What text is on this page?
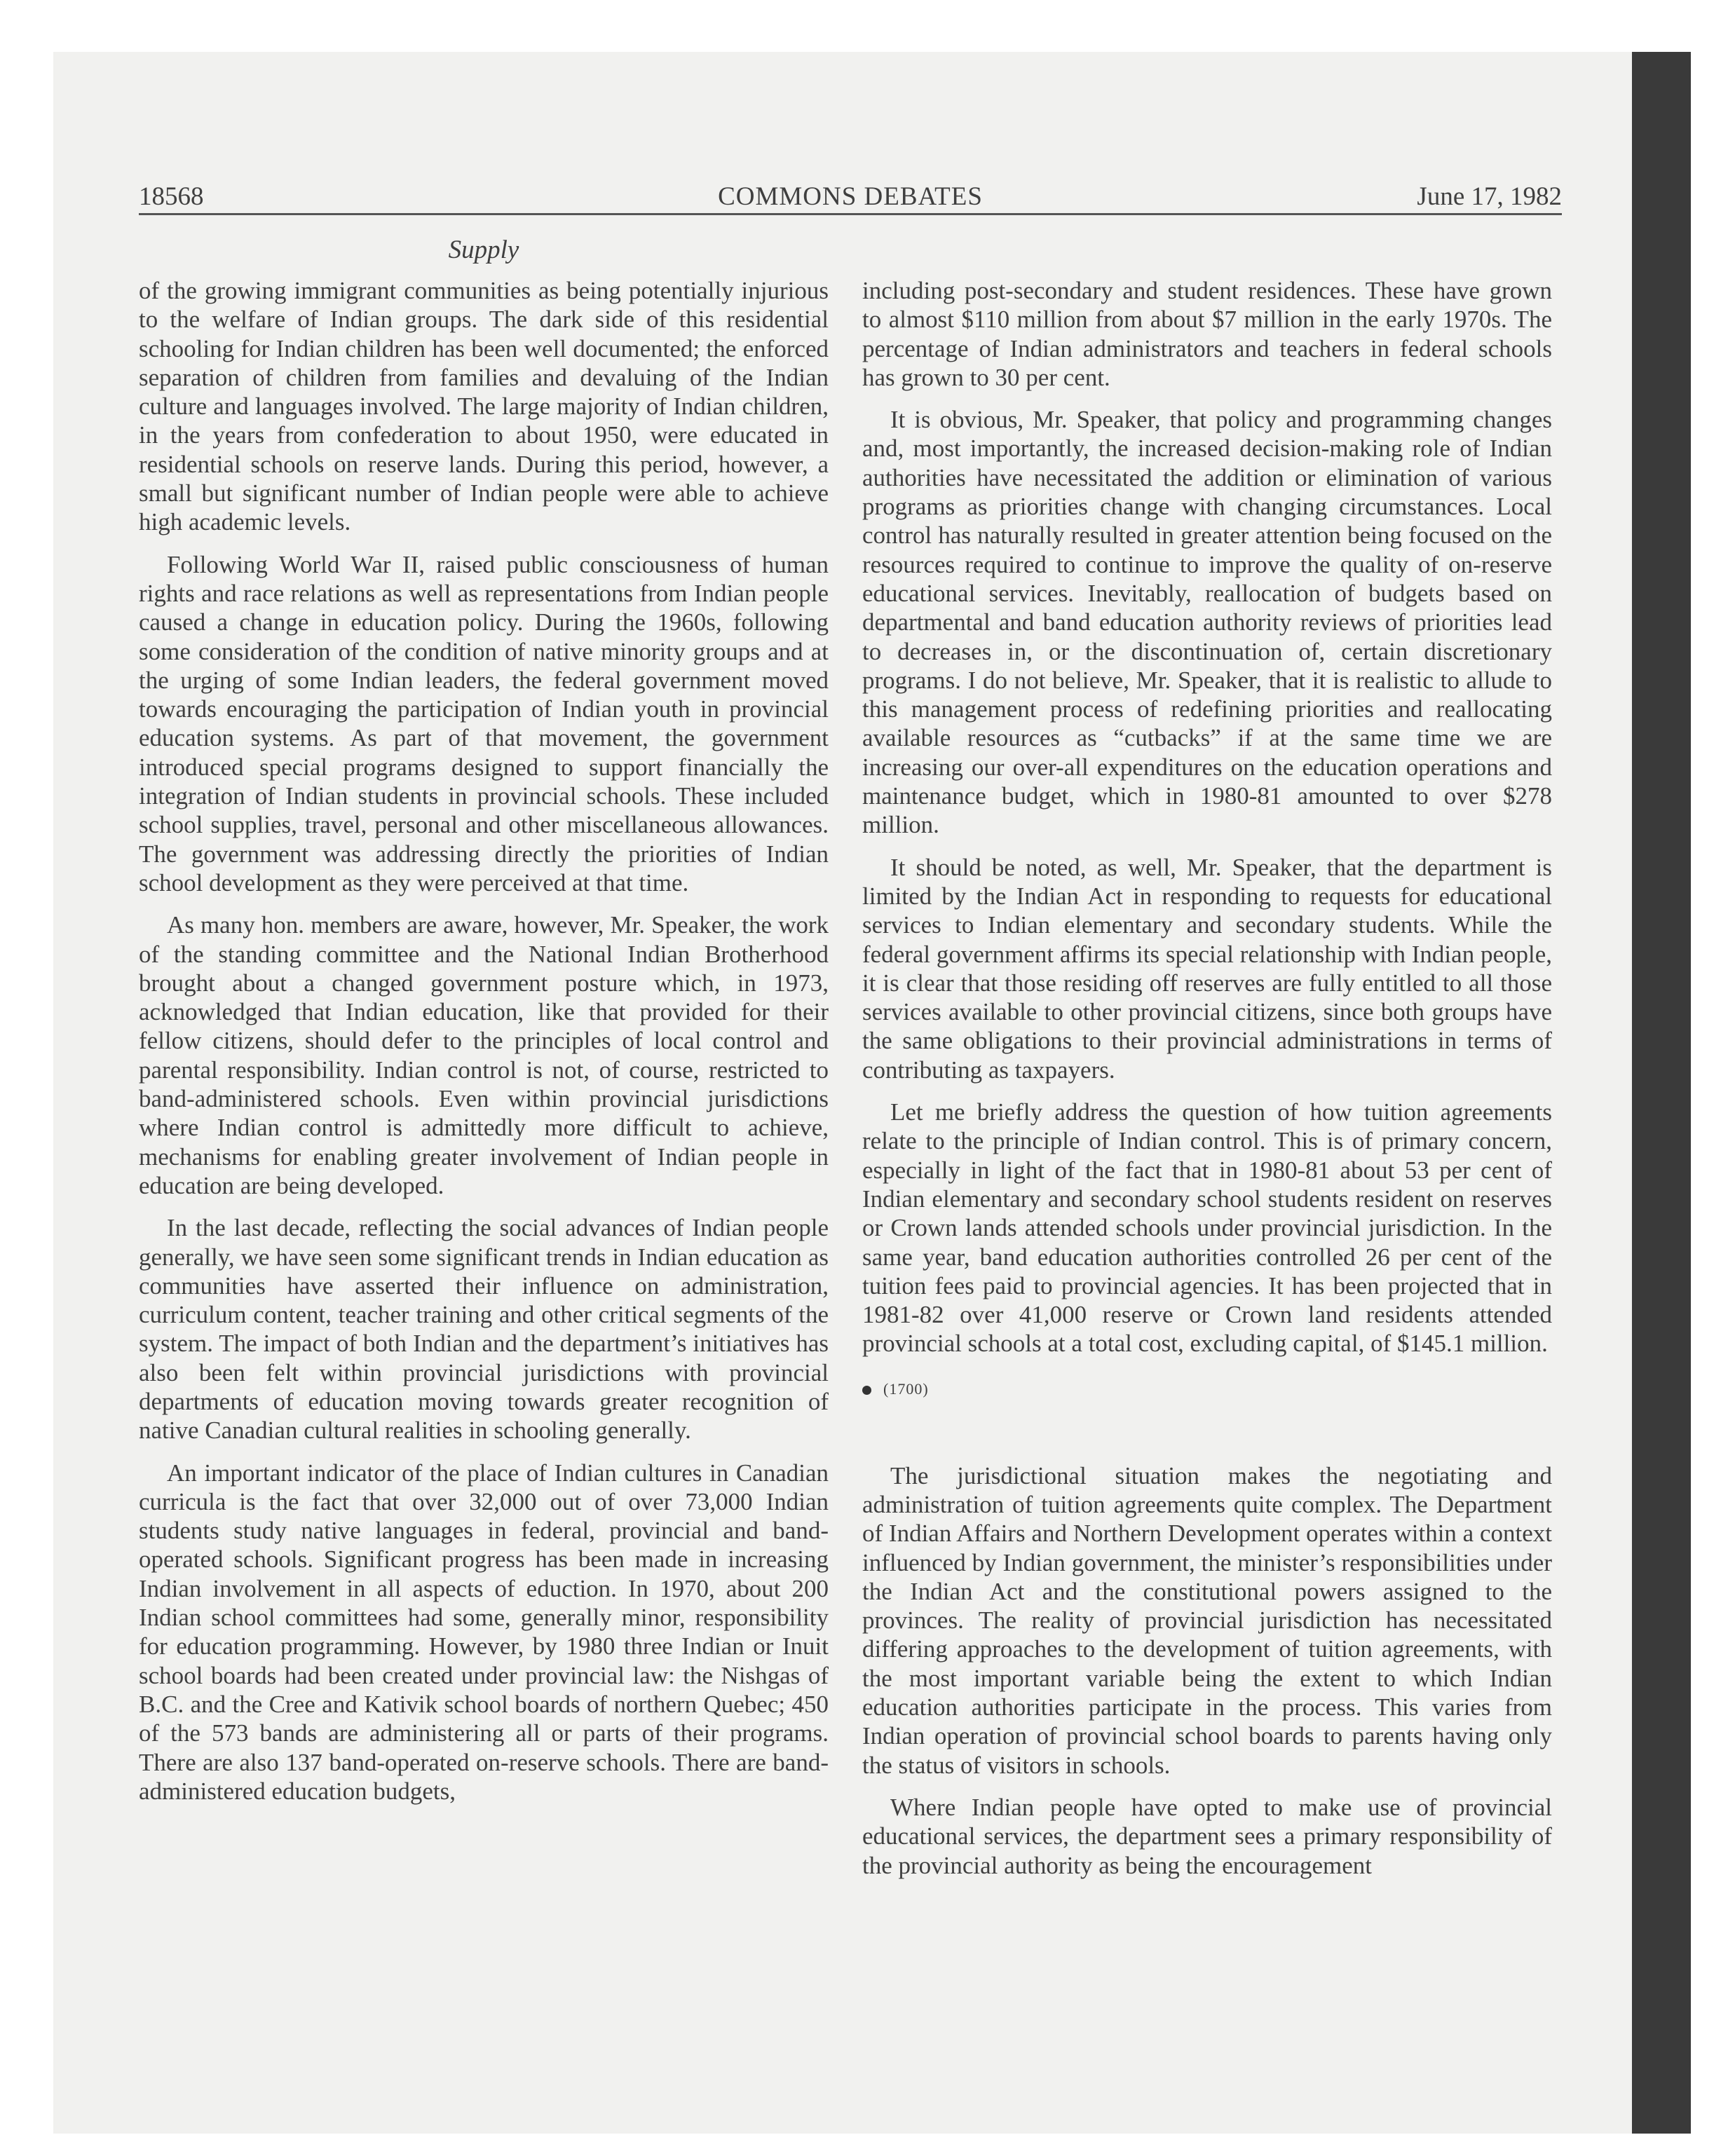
18568	COMMONS DEBATES	June 17, 1982
Supply

of the growing immigrant communities as being potentially injurious to the welfare of Indian groups. The dark side of this residential schooling for Indian children has been well documented; the enforced separation of children from families and devaluing of the Indian culture and languages involved. The large majority of Indian children, in the years from confederation to about 1950, were educated in residential schools on reserve lands. During this period, however, a small but significant number of Indian people were able to achieve high academic levels.

Following World War II, raised public consciousness of human rights and race relations as well as representations from Indian people caused a change in education policy. During the 1960s, following some consideration of the condition of native minority groups and at the urging of some Indian leaders, the federal government moved towards encouraging the participation of Indian youth in provincial education systems. As part of that movement, the government introduced special programs designed to support financially the integration of Indian students in provincial schools. These included school supplies, travel, personal and other miscellaneous allowances. The government was addressing directly the priorities of Indian school development as they were perceived at that time.

As many hon. members are aware, however, Mr. Speaker, the work of the standing committee and the National Indian Brotherhood brought about a changed government posture which, in 1973, acknowledged that Indian education, like that provided for their fellow citizens, should defer to the principles of local control and parental responsibility. Indian control is not, of course, restricted to band-administered schools. Even within provincial jurisdictions where Indian control is admittedly more difficult to achieve, mechanisms for enabling greater involvement of Indian people in education are being developed.

In the last decade, reflecting the social advances of Indian people generally, we have seen some significant trends in Indian education as communities have asserted their influence on administration, curriculum content, teacher training and other critical segments of the system. The impact of both Indian and the department’s initiatives has also been felt within provincial jurisdictions with provincial departments of education moving towards greater recognition of native Canadian cultural realities in schooling generally.

An important indicator of the place of Indian cultures in Canadian curricula is the fact that over 32,000 out of over 73,000 Indian students study native languages in federal, provincial and band-operated schools. Significant progress has been made in increasing Indian involvement in all aspects of eduction. In 1970, about 200 Indian school committees had some, generally minor, responsibility for education programming. However, by 1980 three Indian or Inuit school boards had been created under provincial law: the Nishgas of B.C. and the Cree and Kativik school boards of northern Quebec; 450 of the 573 bands are administering all or parts of their programs. There are also 137 band-operated on-reserve schools. There are band-administered education budgets,

including post-secondary and student residences. These have grown to almost $110 million from about $7 million in the early 1970s. The percentage of Indian administrators and teachers in federal schools has grown to 30 per cent.

It is obvious, Mr. Speaker, that policy and programming changes and, most importantly, the increased decision-making role of Indian authorities have necessitated the addition or elimination of various programs as priorities change with changing circumstances. Local control has naturally resulted in greater attention being focused on the resources required to continue to improve the quality of on-reserve educational services. Inevitably, reallocation of budgets based on departmental and band education authority reviews of priorities lead to decreases in, or the discontinuation of, certain discretionary programs. I do not believe, Mr. Speaker, that it is realistic to allude to this management process of redefining priorities and reallocating available resources as “cutbacks” if at the same time we are increasing our over-all expenditures on the education operations and maintenance budget, which in 1980-81 amounted to over $278 million.

It should be noted, as well, Mr. Speaker, that the department is limited by the Indian Act in responding to requests for educational services to Indian elementary and secondary students. While the federal government affirms its special relationship with Indian people, it is clear that those residing off reserves are fully entitled to all those services available to other provincial citizens, since both groups have the same obligations to their provincial administrations in terms of contributing as taxpayers.

Let me briefly address the question of how tuition agreements relate to the principle of Indian control. This is of primary concern, especially in light of the fact that in 1980-81 about 53 per cent of Indian elementary and secondary school students resident on reserves or Crown lands attended schools under provincial jurisdiction. In the same year, band education authorities controlled 26 per cent of the tuition fees paid to provincial agencies. It has been projected that in 1981-82 over 41,000 reserve or Crown land residents attended provincial schools at a total cost, excluding capital, of $145.1 million.

(1700)

The jurisdictional situation makes the negotiating and administration of tuition agreements quite complex. The Department of Indian Affairs and Northern Development operates within a context influenced by Indian government, the minister’s responsibilities under the Indian Act and the constitutional powers assigned to the provinces. The reality of provincial jurisdiction has necessitated differing approaches to the development of tuition agreements, with the most important variable being the extent to which Indian education authorities participate in the process. This varies from Indian operation of provincial school boards to parents having only the status of visitors in schools.

Where Indian people have opted to make use of provincial educational services, the department sees a primary responsibility of the provincial authority as being the encouragement
